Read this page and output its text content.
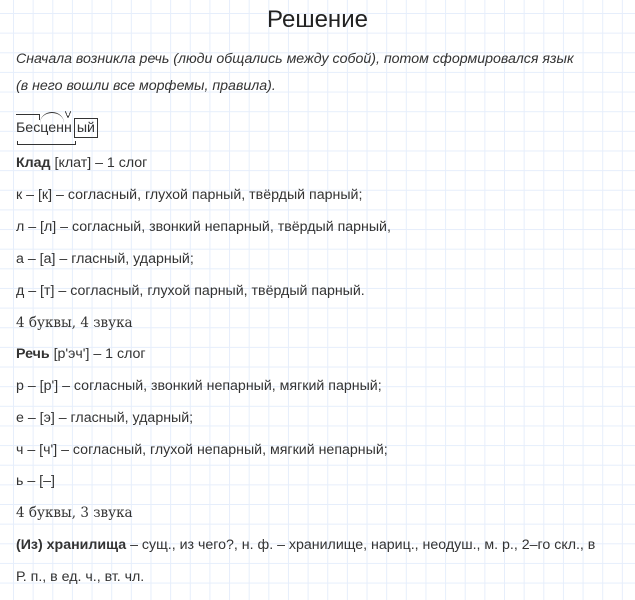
Решение
Сначала возникла речь (люди общались между собой), потом сформировался язык
(в него вошли все морфемы, правила).
Бесценн ый
Клад [клат] – 1 слог
к – [к] – согласный, глухой парный, твёрдый парный;
л – [л] – согласный, звонкий непарный, твёрдый парный,
а – [а] – гласный, ударный;
д – [т] – согласный, глухой парный, твёрдый парный.
4 буквы, 4 звука
Речь [р'эч'] – 1 слог
р – [р'] – согласный, звонкий непарный, мягкий парный;
е – [э] – гласный, ударный;
ч – [ч'] – согласный, глухой непарный, мягкий непарный;
ь – [–]
4 буквы, 3 звука
(Из) хранилища – сущ., из чего?, н. ф. – хранилище, нариц., неодуш., м. р., 2–го скл., в
Р. п., в ед. ч., вт. чл.
